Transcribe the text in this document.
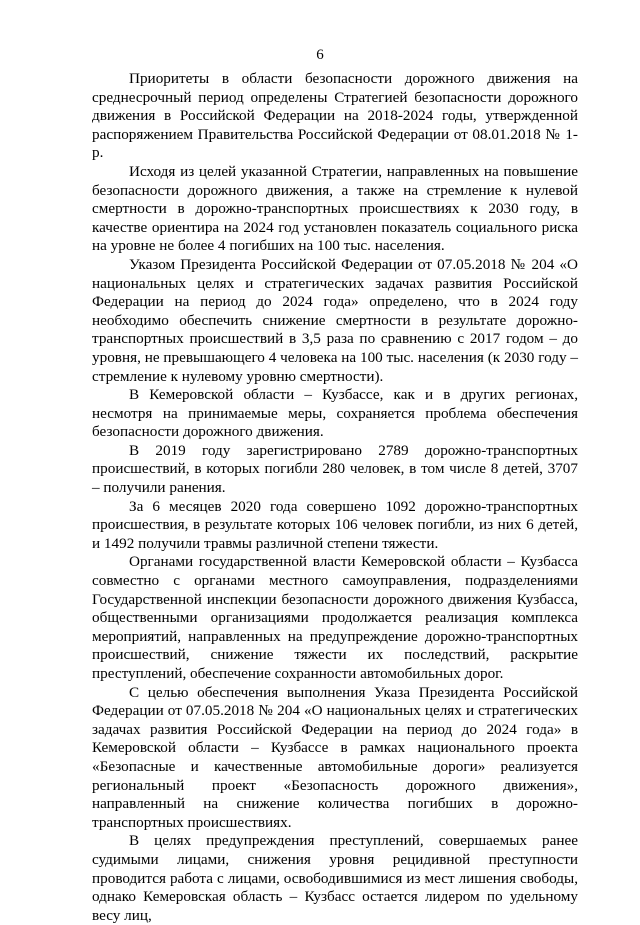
6

Приоритеты в области безопасности дорожного движения на среднесрочный период определены Стратегией безопасности дорожного движения в Российской Федерации на 2018-2024 годы, утвержденной распоряжением Правительства Российской Федерации от 08.01.2018 № 1-р.

Исходя из целей указанной Стратегии, направленных на повышение безопасности дорожного движения, а также на стремление к нулевой смертности в дорожно-транспортных происшествиях к 2030 году, в качестве ориентира на 2024 год установлен показатель социального риска на уровне не более 4 погибших на 100 тыс. населения.

Указом Президента Российской Федерации от 07.05.2018 № 204 «О национальных целях и стратегических задачах развития Российской Федерации на период до 2024 года» определено, что в 2024 году необходимо обеспечить снижение смертности в результате дорожно-транспортных происшествий в 3,5 раза по сравнению с 2017 годом – до уровня, не превышающего 4 человека на 100 тыс. населения (к 2030 году – стремление к нулевому уровню смертности).

В Кемеровской области – Кузбассе, как и в других регионах, несмотря на принимаемые меры, сохраняется проблема обеспечения безопасности дорожного движения.

В 2019 году зарегистрировано 2789 дорожно-транспортных происшествий, в которых погибли 280 человек, в том числе 8 детей, 3707 – получили ранения.

За 6 месяцев 2020 года совершено 1092 дорожно-транспортных происшествия, в результате которых 106 человек погибли, из них 6 детей, и 1492 получили травмы различной степени тяжести.

Органами государственной власти Кемеровской области – Кузбасса совместно с органами местного самоуправления, подразделениями Государственной инспекции безопасности дорожного движения Кузбасса, общественными организациями продолжается реализация комплекса мероприятий, направленных на предупреждение дорожно-транспортных происшествий, снижение тяжести их последствий, раскрытие преступлений, обеспечение сохранности автомобильных дорог.

С целью обеспечения выполнения Указа Президента Российской Федерации от 07.05.2018 № 204 «О национальных целях и стратегических задачах развития Российской Федерации на период до 2024 года» в Кемеровской области – Кузбассе в рамках национального проекта «Безопасные и качественные автомобильные дороги» реализуется региональный проект «Безопасность дорожного движения», направленный на снижение количества погибших в дорожно-транспортных происшествиях.

В целях предупреждения преступлений, совершаемых ранее судимыми лицами, снижения уровня рецидивной преступности проводится работа с лицами, освободившимися из мест лишения свободы, однако Кемеровская область – Кузбасс остается лидером по удельному весу лиц,
